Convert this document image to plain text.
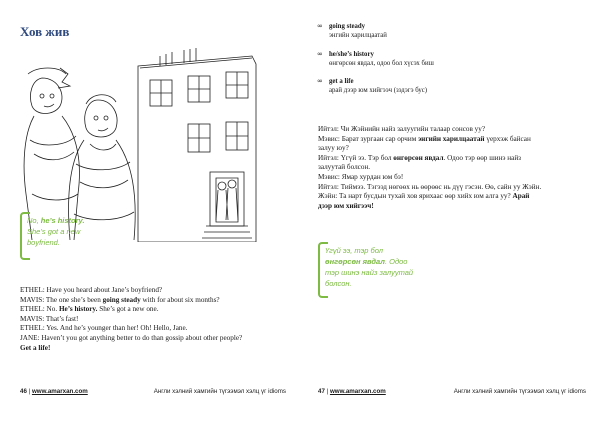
Хов жив
No, he’s history.
She’s got a new
boyfriend.

ETHEL: Have you heard about Jane’s boyfriend?

MAVIS: The one she’s been going steady with for about six months?

ETHEL: No. He’s history. She’s got a new one.

MAVIS: That’s fast!

ETHEL: Yes. And he’s younger than her! Oh! Hello, Jane.

JANE: Haven’t you got anything better to do than gossip about other people?

Get a life!

46 | www.amarxan.com	Англи хэлний хамгийн түгээмэл хэлц үг idioms
∞ going steady
энгийн харилцаатай
∞ he/she’s history
өнгөрсөн явдал, одоо бол хүсэх биш
∞ get a life
арай дээр юм хийгээч (зэдэгэ бус)

Ийтэл: Чи Жэйнийн найз залуугийн талаар сонсов уу?

Мэвис: Барат зургаан сар орчим энгийн харилцаатай үерхэж байсан

залуу юу?

Ийтэл: Үгүй ээ. Тэр бол өнгөрсөн явдал. Одоо тэр өөр шинэ найз

залуутай болсон.

Мэвис: Ямар хурдан юм бэ!

Ийтэл: Тиймээ. Тэгээд нөгөөх нь өөрөөс нь дүү гэсэн. Өө, сайн уу Жэйн.

Жэйн: Та нарт бусдын тухай хов ярихаас өөр хийх юм алга уу? Арай

дээр юм хийгээч!

Үгүй ээ, тэр бол
өнгөрсөн явдал. Одоо
тэр шинэ найз залуутай
болсон.
47 | www.amarxan.com	Англи хэлний хамгийн түгээмэл хэлц үг idioms
